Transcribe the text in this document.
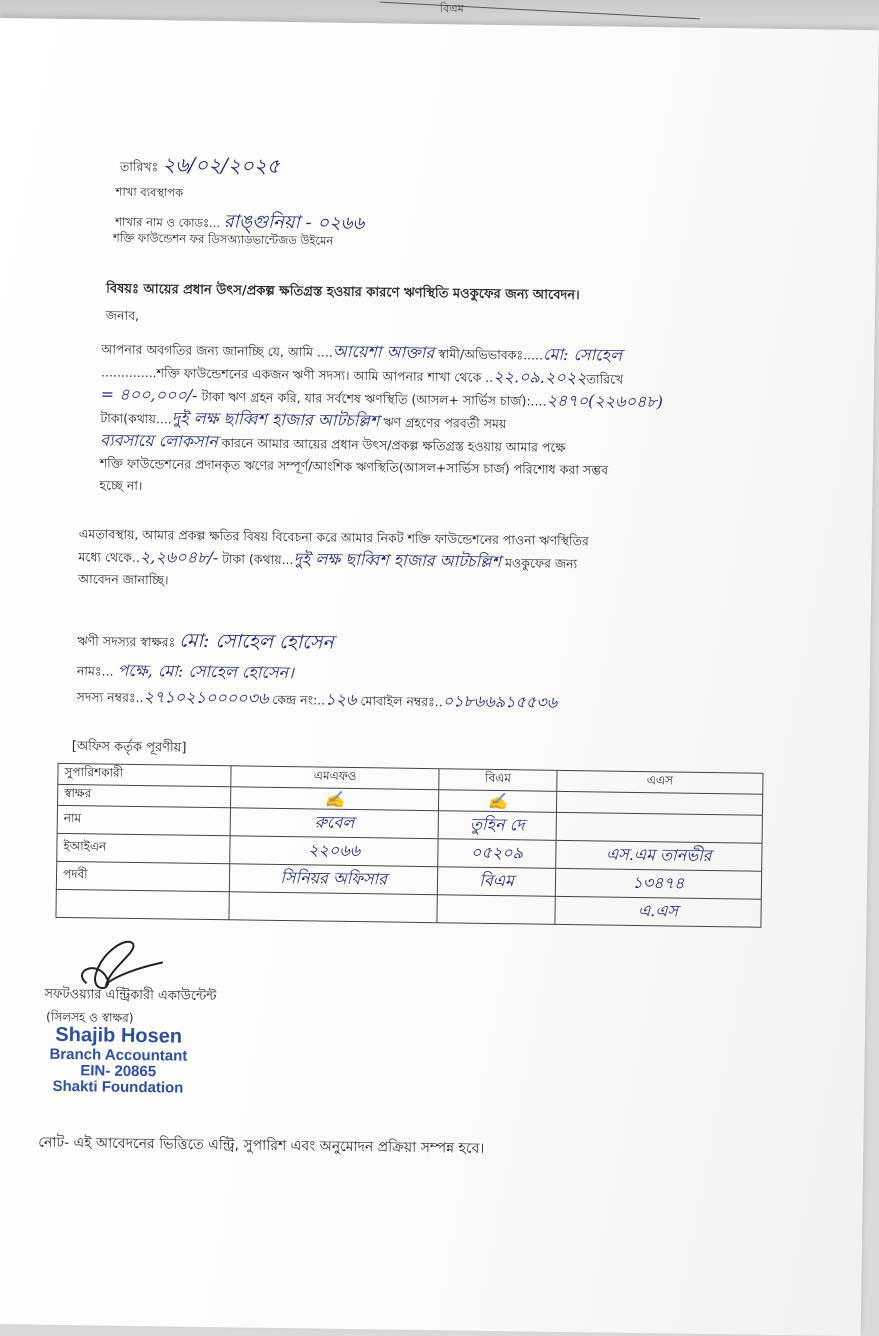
বিএম
তারিখঃ ২৬/০২/২০২৫
শাখা ব্যবস্থাপক
শাখার নাম ও কোডঃ... রাঙ্গুনিয়া - ০২৬৬
শক্তি ফাউন্ডেশন ফর ডিসঅ্যাডভান্টেজড উইমেন
বিষয়ঃ আয়ের প্রধান উৎস/প্রকল্প ক্ষতিগ্রস্ত হওয়ার কারণে ঋণস্থিতি মওকুফের জন্য আবেদন।
জনাব,
আপনার অবগতির জন্য জানাচ্ছি যে, আমি ....আয়েশা আক্তার স্বামী/অভিভাবকঃ.....মো: সোহেল
..............শক্তি ফাউন্ডেশনের একজন ঋণী সদস্য। আমি আপনার শাখা থেকে ..২২.০৯.২০২২তারিখে
= ৪০০,০০০/- টাকা ঋণ গ্রহন করি, যার সর্বশেষ ঋণস্থিতি (আসল+ সার্ভিস চার্জ):....২৪৭০(২২৬০৪৮)
টাকা(কথায়....দুই লক্ষ ছাব্বিশ হাজার আটচল্লিশ ঋণ গ্রহণের পরবর্তী সময়
ব্যবসায়ে লোকসান কারনে আমার আয়ের প্রধান উৎস/প্রকল্প ক্ষতিগ্রস্ত হওয়ায় আমার পক্ষে
শক্তি ফাউন্ডেশনের প্রদানকৃত ঋণের সম্পূর্ণ/আংশিক ঋণস্থিতি(আসল+সার্ভিস চার্জ) পরিশোধ করা সম্ভব
হচ্ছে না।
এমতাবস্থায়, আমার প্রকল্প ক্ষতির বিষয় বিবেচনা করে আমার নিকট শক্তি ফাউন্ডেশনের পাওনা ঋণস্থিতির
মধ্যে থেকে..২,২৬০৪৮/- টাকা (কথায়...দুই লক্ষ ছাব্বিশ হাজার আটচল্লিশ মওকুফের জন্য
আবেদন জানাচ্ছি।
ঋণী সদস্যর স্বাক্ষরঃ মো: সোহেল হোসেন
নামঃ... পক্ষে, মো: সোহেল হোসেন।
সদস্য নম্বরঃ..২৭১০২১০০০০৩৬ কেন্দ্র নং:..১২৬ মোবাইল নম্বরঃ..০১৮৬৬৯১৫৫৩৬
[অফিস কর্তৃক পূরণীয়]
সুপারিশকারী	এমএফও	বিএম	এএস
স্বাক্ষর	✍	✍	
নাম	রুবেল	তুহিন দে	
ইআইএন	২২০৬৬	০৫২০৯	এস.এম তানভীর
পদবী	সিনিয়র অফিসার	বিএম	১৩৪৭৪
			এ.এস
সফটওয়্যার এন্ট্রিকারী একাউন্টেন্ট
(সিলসহ ও স্বাক্ষর)
Shajib Hosen
Branch Accountant
EIN- 20865
Shakti Foundation
নোট- এই আবেদনের ভিত্তিতে এন্ট্রি, সুপারিশ এবং অনুমোদন প্রক্রিয়া সম্পন্ন হবে।
